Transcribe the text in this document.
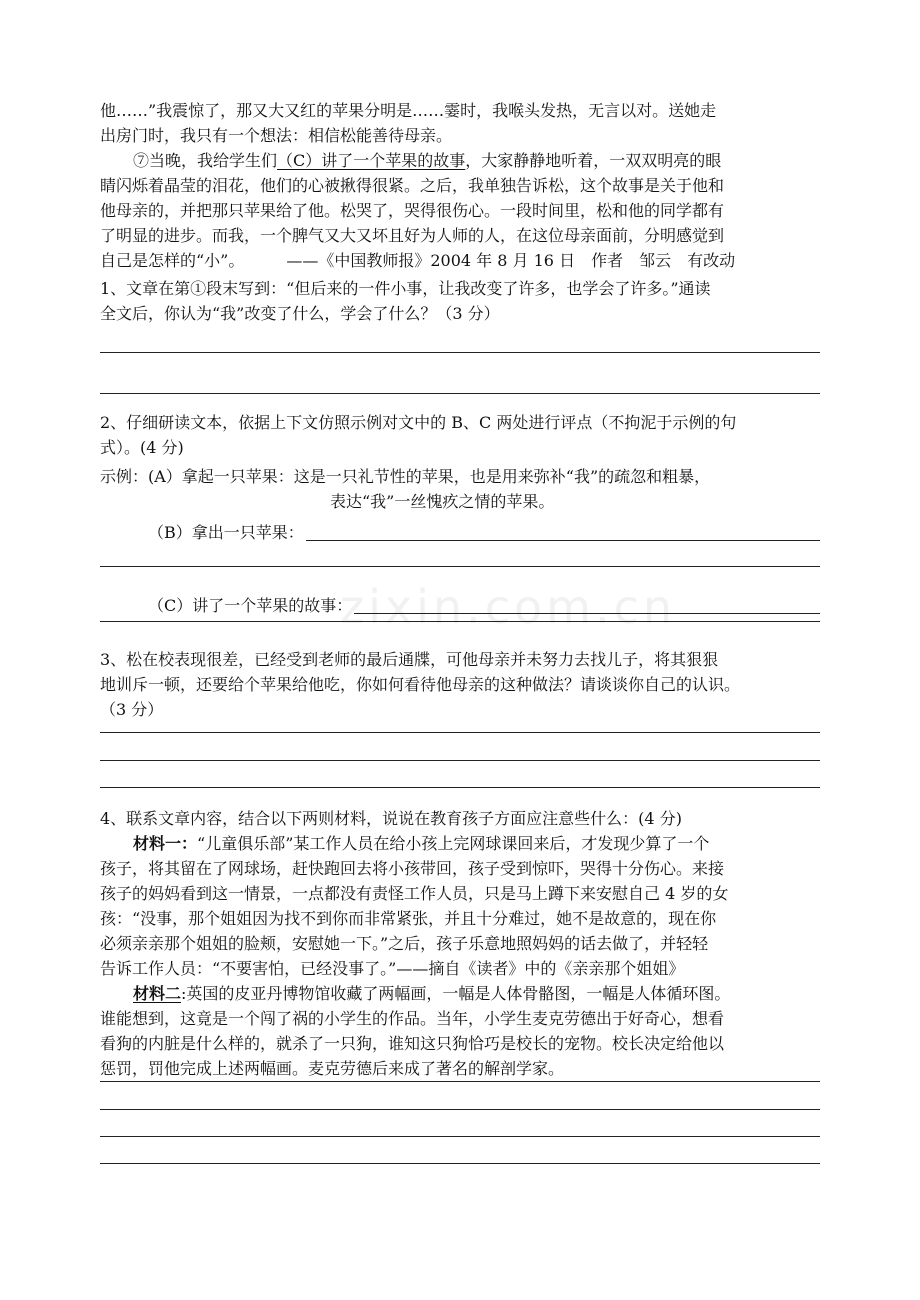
zixin.com.cn
他……”我震惊了，那又大又红的苹果分明是……霎时，我喉头发热，无言以对。送她走
出房门时，我只有一个想法：相信松能善待母亲。
⑦当晚，我给学生们（C）讲了一个苹果的故事，大家静静地听着，一双双明亮的眼
睛闪烁着晶莹的泪花，他们的心被揪得很紧。之后，我单独告诉松，这个故事是关于他和
他母亲的，并把那只苹果给了他。松哭了，哭得很伤心。一段时间里，松和他的同学都有
了明显的进步。而我，一个脾气又大又坏且好为人师的人，在这位母亲面前，分明感觉到
自己是怎样的“小”。	——《中国教师报》2004 年 8 月 16 日　作者　邹云　有改动
1、文章在第①段末写到：“但后来的一件小事，让我改变了许多，也学会了许多。”通读
全文后，你认为“我”改变了什么，学会了什么？（3 分）
2、仔细研读文本，依据上下文仿照示例对文中的 B、C 两处进行评点（不拘泥于示例的句
式）。(4 分)
示例：(A）拿起一只苹果：这是一只礼节性的苹果，也是用来弥补“我”的疏忽和粗暴，
表达“我”一丝愧疚之情的苹果。
（B）拿出一只苹果：
（C）讲了一个苹果的故事：
3、松在校表现很差，已经受到老师的最后通牒，可他母亲并未努力去找儿子，将其狠狠
地训斥一顿，还要给个苹果给他吃，你如何看待他母亲的这种做法？请谈谈你自己的认识。
（3 分）
4、联系文章内容，结合以下两则材料，说说在教育孩子方面应注意些什么：(4 分)
材料一：“儿童俱乐部”某工作人员在给小孩上完网球课回来后，才发现少算了一个
孩子，将其留在了网球场，赶快跑回去将小孩带回，孩子受到惊吓，哭得十分伤心。来接
孩子的妈妈看到这一情景，一点都没有责怪工作人员，只是马上蹲下来安慰自己 4 岁的女
孩：“没事，那个姐姐因为找不到你而非常紧张，并且十分难过，她不是故意的，现在你
必须亲亲那个姐姐的脸颊，安慰她一下。”之后，孩子乐意地照妈妈的话去做了，并轻轻
告诉工作人员：“不要害怕，已经没事了。”——摘自《读者》中的《亲亲那个姐姐》
材料二:英国的皮亚丹博物馆收藏了两幅画，一幅是人体骨骼图，一幅是人体循环图。
谁能想到，这竟是一个闯了祸的小学生的作品。当年，小学生麦克劳德出于好奇心，想看
看狗的内脏是什么样的，就杀了一只狗，谁知这只狗恰巧是校长的宠物。校长决定给他以
惩罚，罚他完成上述两幅画。麦克劳德后来成了著名的解剖学家。
